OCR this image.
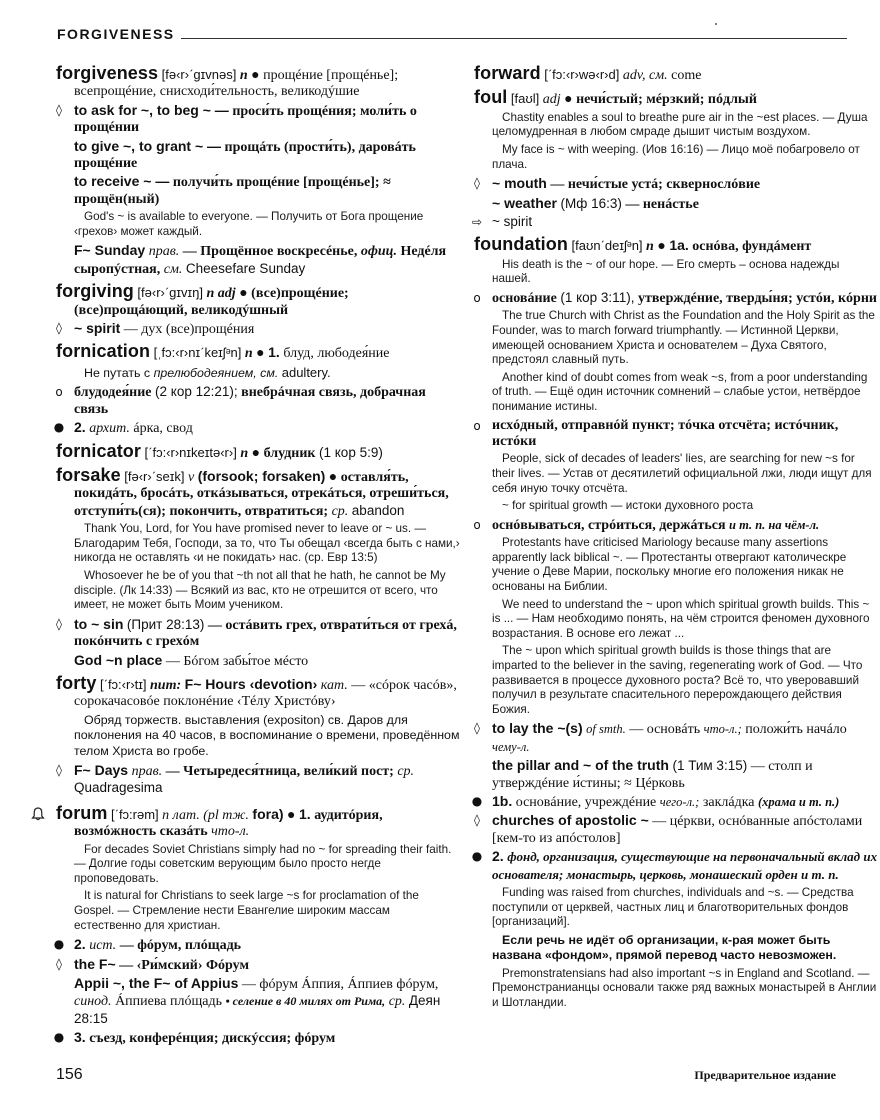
FORGIVENESS
forgiveness [fə‹r›ˊgɪvnəs] n ● прощéние [прощéнье]; всепрощéние, снисходи́тельность, великодýшие
◊ to ask for ~, to beg ~ — проси́ть прощéния; моли́ть о прощéнии
to give ~, to grant ~ — прощáть (прости́ть), даровáть прощéние
to receive ~ — получи́ть прощéние [прощéнье]; ≈ прощён(ный)
God's ~ is available to everyone. — Получить от Бога прощение ‹грехов› может каждый.
F~ Sunday прав. — Прощённое воскресéнье, офиц. Недéля сыропýстная, см. Cheesefare Sunday
forgiving [fə‹r›ˊgɪvɪŋ] n adj ● (все)прощéние; (все)прощáющий, великодýшный
◊ ~ spirit — дух (все)прощéния
fornication [ˌfɔ:‹r›nɪˊkeɪʃᵊn] n ● 1. блуд, любодея́ние
Не путать с прелюбодеянием, см. adultery.
о блудодея́ние (2 кор 12:21); внебрáчная связь, добрачная связь
● 2. архит. áрка, свод
fornicator [ˊfɔ:‹r›nɪkeɪtə‹r›] n ● блудник (1 кор 5:9)
forsake [fə‹r›ˊseɪk] v (forsook; forsaken) ● оставля́ть, покидáть, бросáть, откáзываться, отрекáться, отреши́ться, отступи́ть(ся); покончить, отвратиться; ср. abandon
Thank You, Lord, for You have promised never to leave or ~ us. — Благодарим Тебя, Господи, за то, что Ты обещал ‹всегда быть с нами,› никогда не оставлять ‹и не покидать› нас. (ср. Евр 13:5)
Whosoever he be of you that ~th not all that he hath, he cannot be My disciple. (Лк 14:33) — Всякий из вас, кто не отрешится от всего, что имеет, не может быть Моим учеником.
◊ to ~ sin (Прит 28:13) — остáвить грех, отврати́ться от грехá, покóнчить с грехóм
God ~n place — Бóгом забы́тое мéсто
forty [ˊfɔ:‹r›tɪ] num: F~ Hours ‹devotion› кат. — «сóрок часóв», сорокачасовóе поклонéние ‹Тéлу Христóву›
Обряд торжеств. выставления (expositon) св. Даров для поклонения на 40 часов, в воспоминание о времени, проведённом телом Христа во гробе.
◊ F~ Days прав. — Четыредеся́тница, вели́кий пост; ср. Quadragesima
forum [ˊfɔ:rəm] n лат. (pl тж. fora) ● 1. аудитóрия, возмóжность сказáть что-л.
For decades Soviet Christians simply had no ~ for spreading their faith. — Долгие годы советским верующим было просто негде проповедовать.
It is natural for Christians to seek large ~s for proclamation of the Gospel. — Стремление нести Евангелие широким массам естественно для христиан.
● 2. ист. — фóрум, плóщадь
◊ the F~ — ‹Ри́мский› Фóрум
Appii ~, the F~ of Appius — фóрум Áппия, Áппиев фóрум, синод. Áппиева плóщадь • селение в 40 милях от Рима, ср. Деян 28:15
● 3. съезд, конферéнция; дискýссия; фóрум
forward [ˊfɔ:‹r›wə‹r›d] adv, см. come
foul [faʊl] adj ● нечи́стый; мéрзкий; пóдлый
Chastity enables a soul to breathe pure air in the ~est places. — Душа целомудренная в любом смраде дышит чистым воздухом.
My face is ~ with weeping. (Иов 16:16) — Лицо моё побагровело от плача.
◊ ~ mouth — нечи́стые устá; сквернослóвие
~ weather (Мф 16:3) — ненáстье
⇨ ~ spirit
foundation [faʊnˊdeɪʃᵊn] n ● 1a. оснóва, фундáмент
His death is the ~ of our hope. — Его смерть – основа надежды нашей.
о основáние (1 кор 3:11), утверждéние, тверды́ня; устóи, кóрни
The true Church with Christ as the Foundation and the Holy Spirit as the Founder, was to march forward triumphantly. — Истинной Церкви, имеющей основанием Христа и основателем – Духа Святого, предстоял славный путь.
Another kind of doubt comes from weak ~s, from a poor understanding of truth. — Ещё один источник сомнений – слабые устои, нетвёрдое понимание истины.
о исхóдный, отправнóй пункт; тóчка отсчёта; истóчник, истóки
People, sick of decades of leaders' lies, are searching for new ~s for their lives. — Устав от десятилетий официальной лжи, люди ищут для себя иную точку отсчёта.
~ for spiritual growth — истоки духовного роста
о оснóвываться, стрóиться, держáться и т. п. на чём-л.
Protestants have criticised Mariology because many assertions apparently lack biblical ~. — Протестанты отвергают католическре учение о Деве Марии, поскольку многие его положения никак не основаны на Библии.
We need to understand the ~ upon which spiritual growth builds. This ~ is ... — Нам необходимо понять, на чём строится феномен духовного возрастания. В основе его лежат ...
The ~ upon which spiritual growth builds is those things that are imparted to the believer in the saving, regenerating work of God. — Что развивается в процессе духовного роста? Всё то, что уверовавший получил в результате спасительного перерождающего действия Божия.
◊ to lay the ~(s) of smth. — основáть что-л.; положи́ть начáло чему-л.
the pillar and ~ of the truth (1 Тим 3:15) — столп и утверждéние и́стины; ≈ Цéрковь
● 1b. основáние, учреждéние чего-л.; заклáдка (храма и т. п.)
◊ churches of apostolic ~ — цéркви, оснóванные апóстолами [кем-то из апóстолов]
● 2. фонд, организация, существующие на первоначальный вклад их основателя; монастырь, церковь, монашеский орден и т. п.
Funding was raised from churches, individuals and ~s. — Средства поступили от церквей, частных лиц и благотворительных фондов [организаций].
Если речь не идёт об организации, к-рая может быть названа «фондом», прямой перевод часто невозможен.
Premonstratensians had also important ~s in England and Scotland. — Премонстранианцы основали также ряд важных монастырей в Англии и Шотландии.
156	Предварительное издание
